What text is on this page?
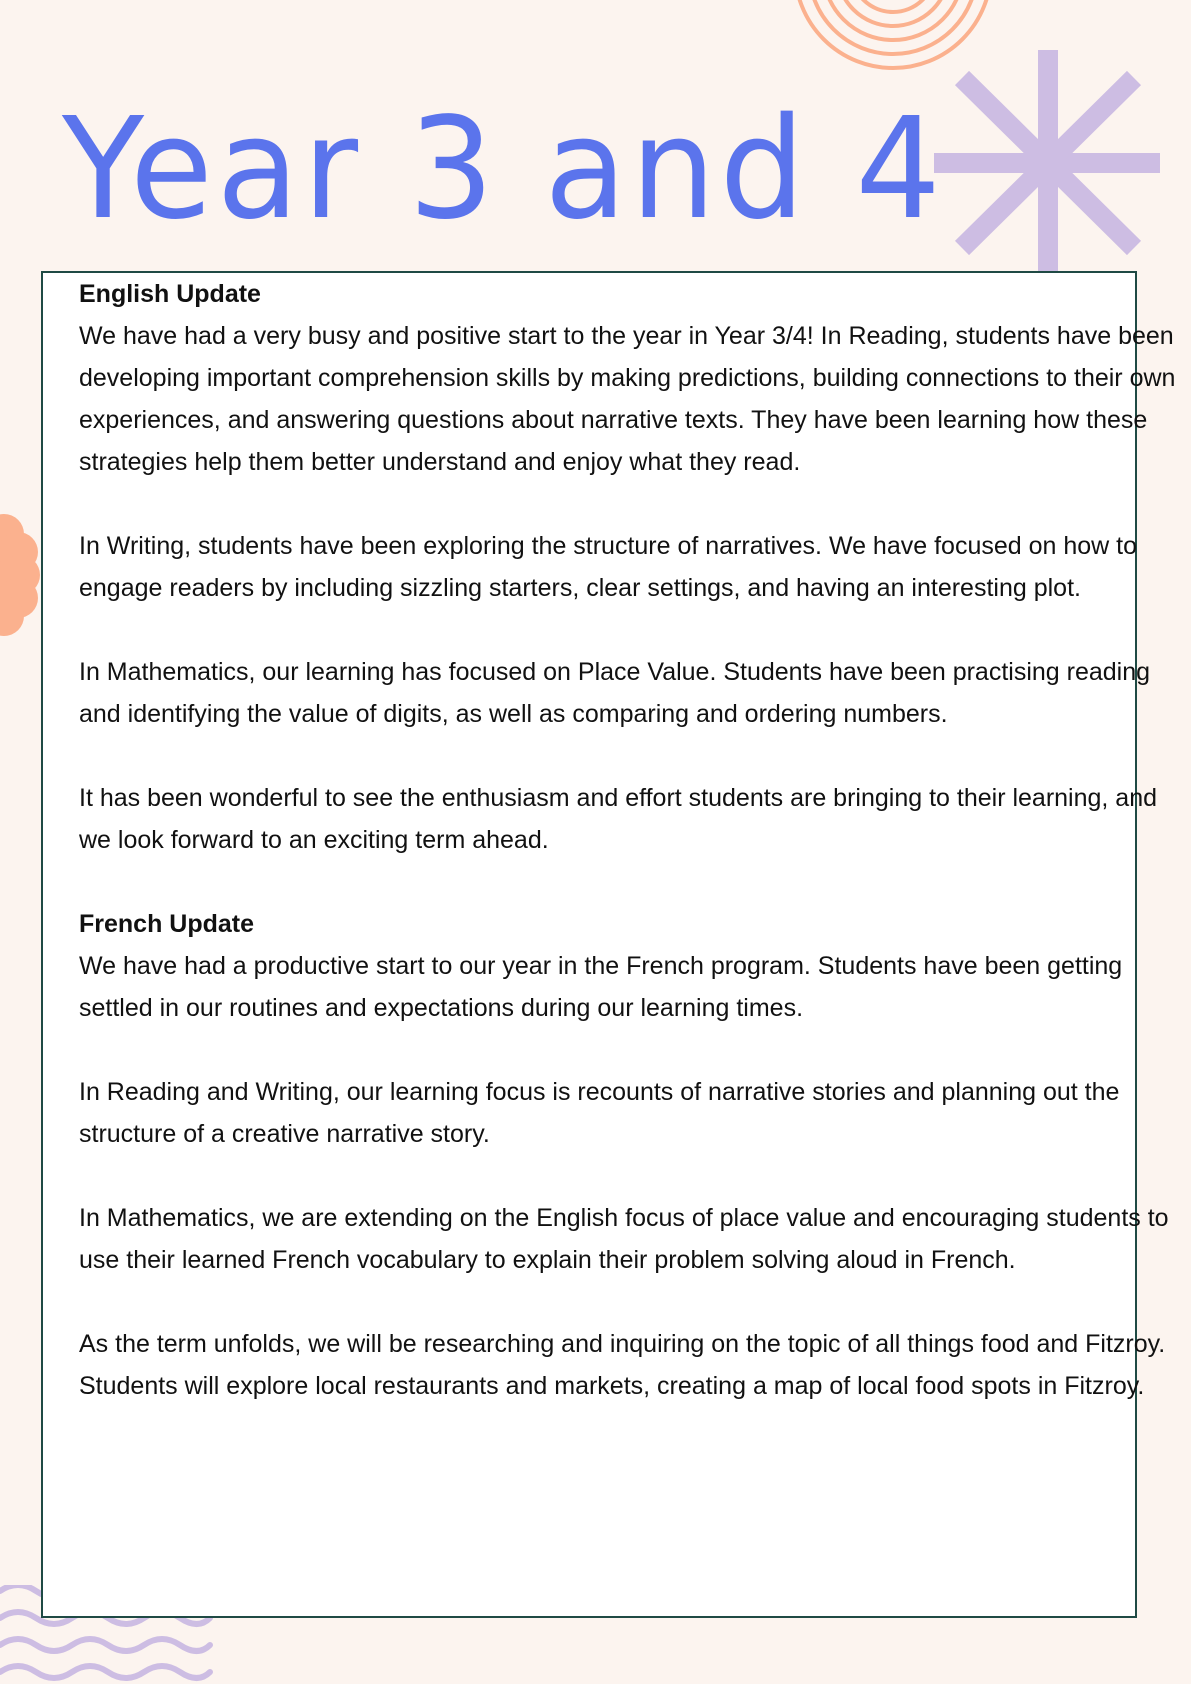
Year 3 and 4

English Update

We have had a very busy and positive start to the year in Year 3/4! In Reading, students have been developing important comprehension skills by making predictions, building connections to their own experiences, and answering questions about narrative texts. They have been learning how these strategies help them better understand and enjoy what they read.

In Writing, students have been exploring the structure of narratives. We have focused on how to engage readers by including sizzling starters, clear settings, and having an interesting plot.

In Mathematics, our learning has focused on Place Value. Students have been practising reading and identifying the value of digits, as well as comparing and ordering numbers.

It has been wonderful to see the enthusiasm and effort students are bringing to their learning, and we look forward to an exciting term ahead.

French Update

We have had a productive start to our year in the French program. Students have been getting settled in our routines and expectations during our learning times.

In Reading and Writing, our learning focus is recounts of narrative stories and planning out the structure of a creative narrative story.

In Mathematics, we are extending on the English focus of place value and encouraging students to use their learned French vocabulary to explain their problem solving aloud in French.

As the term unfolds, we will be researching and inquiring on the topic of all things food and Fitzroy. Students will explore local restaurants and markets, creating a map of local food spots in Fitzroy.
